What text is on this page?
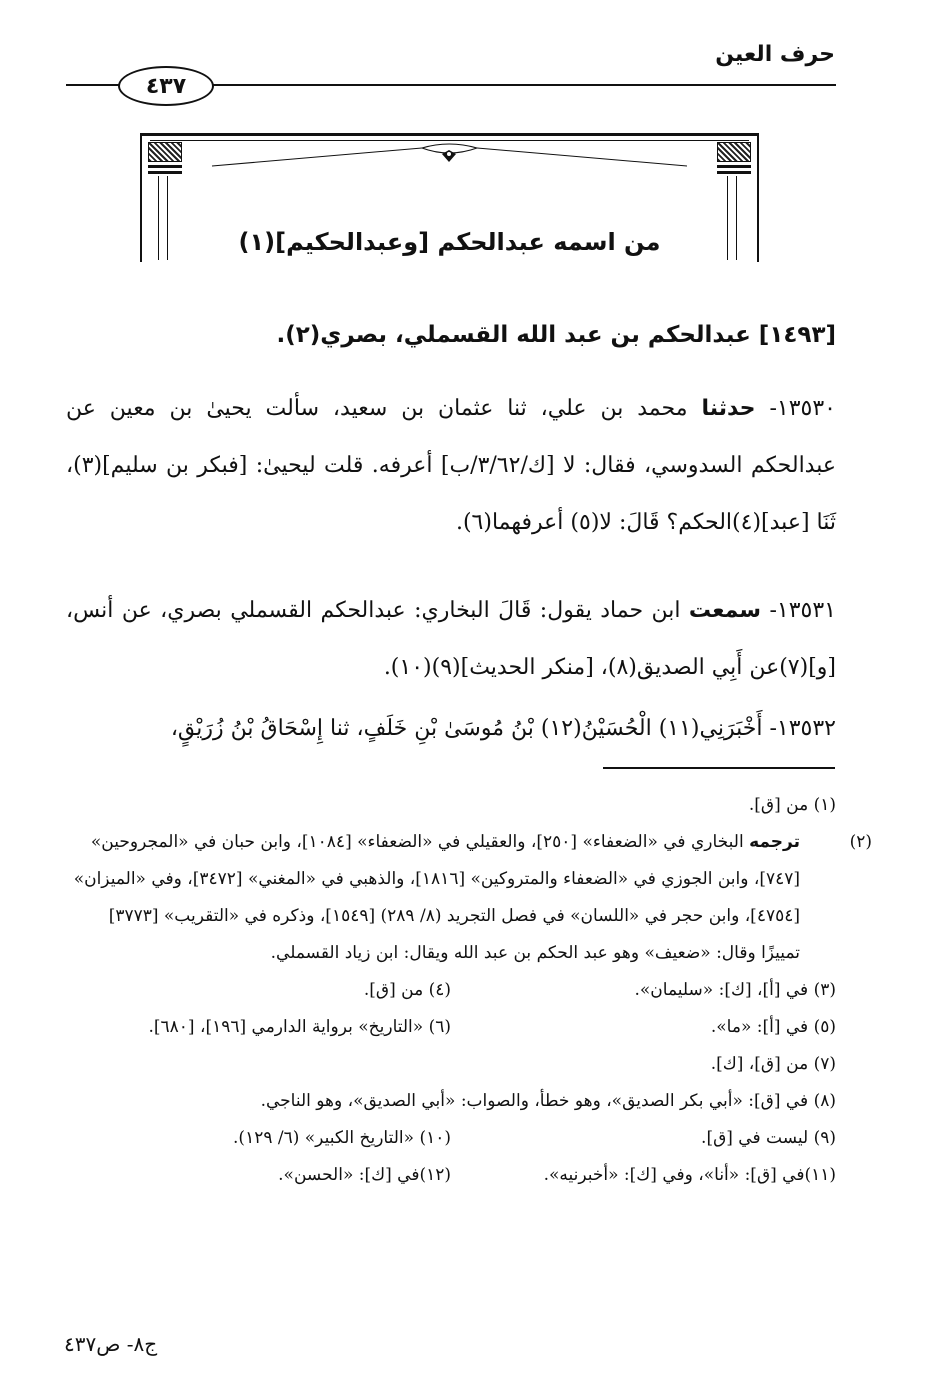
حرف العين
٤٣٧
من اسمه عبدالحكم [وعبدالحكيم](١)
[١٤٩٣] عبدالحكم بن عبد الله القسملي، بصري(٢).
١٣٥٣٠- حدثنا محمد بن علي، ثنا عثمان بن سعيد، سألت يحيىٰ بن معين عن عبدالحكم السدوسي، فقال: لا [ك/٣/٦٢/ب] أعرفه. قلت ليحيىٰ: [فبكر بن سليم](٣)، ثَنَا [عبد](٤)الحكم؟ قَالَ: لا(٥) أعرفهما(٦).
١٣٥٣١- سمعت ابن حماد يقول: قَالَ البخاري: عبدالحكم القسملي بصري، عن أنس، [و](٧)عن أَبِي الصديق(٨)، [منكر الحديث](٩)(١٠).
١٣٥٣٢- أَخْبَرَنِي(١١) الْحُسَيْنُ(١٢) بْنُ مُوسَىٰ بْنِ خَلَفٍ، ثنا إِسْحَاقُ بْنُ زُرَيْقٍ،
(١) من [ق].
(٢)ترجمه البخاري في «الضعفاء» [٢٥٠]، والعقيلي في «الضعفاء» [١٠٨٤]، وابن حبان في «المجروحين» [٧٤٧]، وابن الجوزي في «الضعفاء والمتروكين» [١٨١٦]، والذهبي في «المغني» [٣٤٧٢]، وفي «الميزان» [٤٧٥٤]، وابن حجر في «اللسان» في فصل التجريد (٨/ ٢٨٩) [١٥٤٩]، وذكره في «التقريب» [٣٧٧٣] تمييزًا وقال: «ضعيف» وهو عبد الحكم بن عبد الله ويقال: ابن زياد القسملي.
(٣) في [أ]، [ك]: «سليمان».
(٤) من [ق].
(٥) في [أ]: «ما».
(٦) «التاريخ» برواية الدارمي [١٩٦]، [٦٨٠].
(٧) من [ق]، [ك].
(٨) في [ق]: «أبي بكر الصديق»، وهو خطأ، والصواب: «أبي الصديق»، وهو الناجي.
(٩) ليست في [ق].
(١٠) «التاريخ الكبير» (٦/ ١٢٩).
(١١)في [ق]: «أنا»، وفي [ك]: «أخبرنيه».
(١٢)في [ك]: «الحسن».
ج٨- ص٤٣٧
